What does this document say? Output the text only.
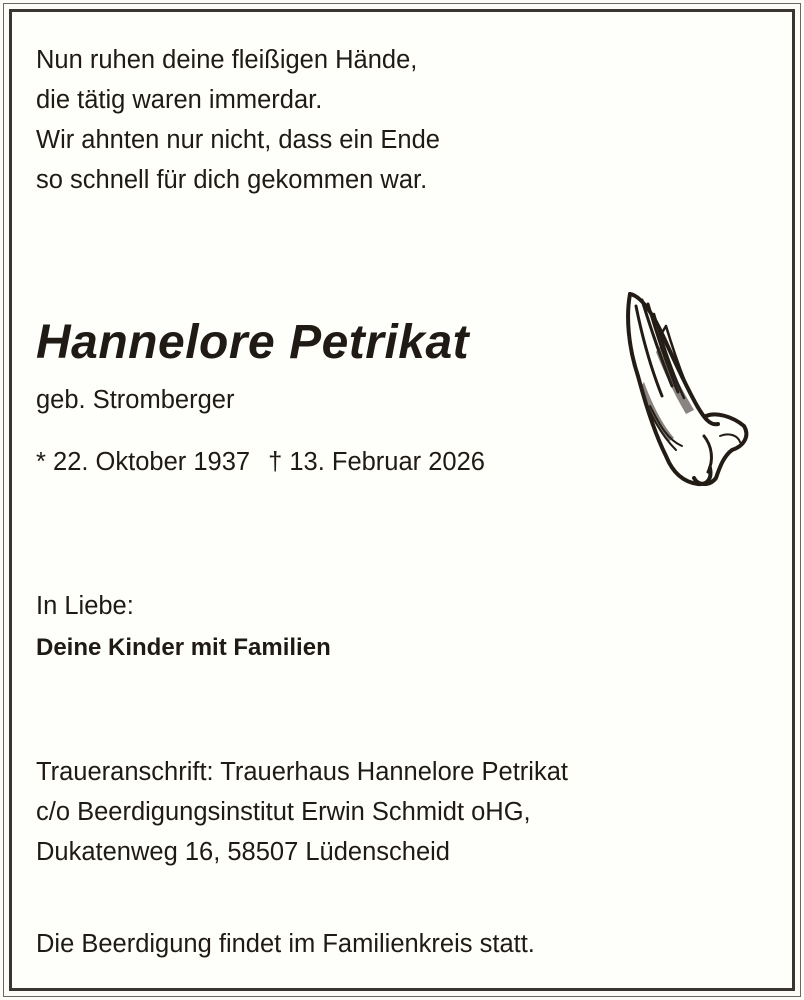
Nun ruhen deine fleißigen Hände,
die tätig waren immerdar.
Wir ahnten nur nicht, dass ein Ende
so schnell für dich gekommen war.
Hannelore Petrikat
geb. Stromberger
* 22. Oktober 1937 † 13. Februar 2026
In Liebe:
Deine Kinder mit Familien
Traueranschrift: Trauerhaus Hannelore Petrikat
c/o Beerdigungsinstitut Erwin Schmidt oHG,
Dukatenweg 16, 58507 Lüdenscheid
Die Beerdigung findet im Familienkreis statt.
